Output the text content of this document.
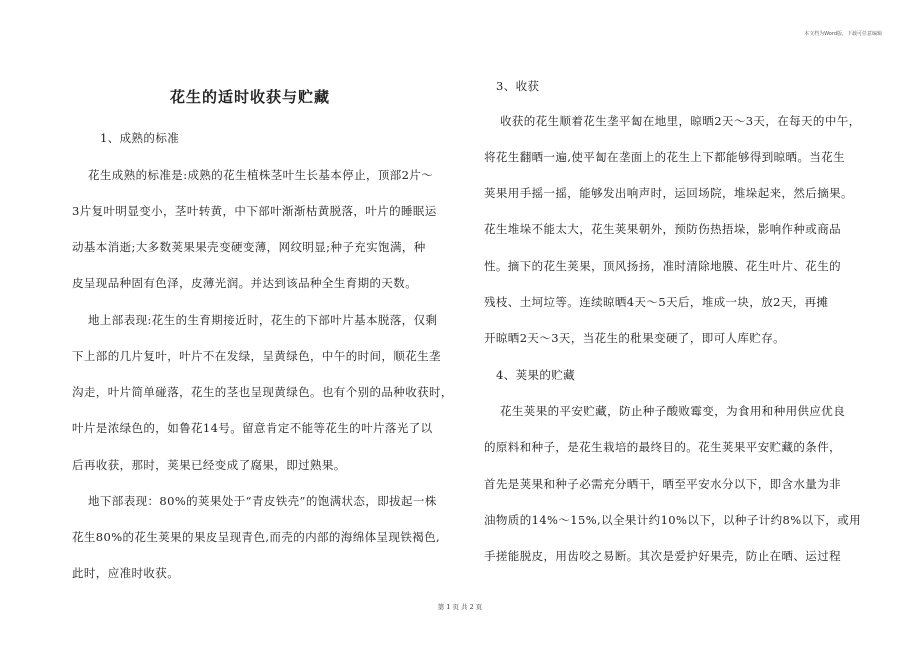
本文档为Word版，下载可任意编辑
花生的适时收获与贮藏

1、成熟的标准

花生成熟的标准是:成熟的花生植株茎叶生长基本停止，顶部2片～

3片复叶明显变小，茎叶转黄，中下部叶渐渐枯黄脱落，叶片的睡眠运

动基本消逝;大多数荚果果壳变硬变薄，网纹明显;种子充实饱满，种

皮呈现品种固有色泽，皮薄光润。并达到该品种全生育期的天数。

地上部表现:花生的生育期接近时，花生的下部叶片基本脱落，仅剩

下上部的几片复叶，叶片不在发绿，呈黄绿色，中午的时间，顺花生垄

沟走，叶片简单碰落，花生的茎也呈现黄绿色。也有个别的品种收获时，

叶片是浓绿色的，如鲁花14号。留意肯定不能等花生的叶片落光了以

后再收获，那时，荚果已经变成了腐果，即过熟果。

地下部表现：80%的荚果处于“青皮铁壳”的饱满状态，即拔起一株

花生80%的花生荚果的果皮呈现青色,而壳的内部的海绵体呈现铁褐色,

此时，应准时收获。

3、收获

收获的花生顺着花生垄平匐在地里，晾晒2天～3天，在每天的中午，

将花生翻晒一遍,使平匐在垄面上的花生上下都能够得到晾晒。当花生

荚果用手摇一摇，能够发出响声时，运回场院，堆垛起来，然后摘果。

花生堆垛不能太大，花生荚果朝外，预防伤热捂垛，影响作种或商品

性。摘下的花生荚果，顶风扬扬，准时清除地膜、花生叶片、花生的

残枝、土坷垃等。连续晾晒4天～5天后，堆成一块，放2天，再摊

开晾晒2天～3天，当花生的秕果变硬了，即可人库贮存。

4、荚果的贮藏

花生荚果的平安贮藏，防止种子酸败霉变，为食用和种用供应优良

的原料和种子，是花生栽培的最终目的。花生荚果平安贮藏的条件，

首先是荚果和种子必需充分晒干，晒至平安水分以下，即含水量为非

油物质的14%～15%,以全果计约10%以下，以种子计约8%以下，或用

手搓能脱皮，用齿咬之易断。其次是爱护好果壳，防止在晒、运过程

第 1 页 共 2 页
